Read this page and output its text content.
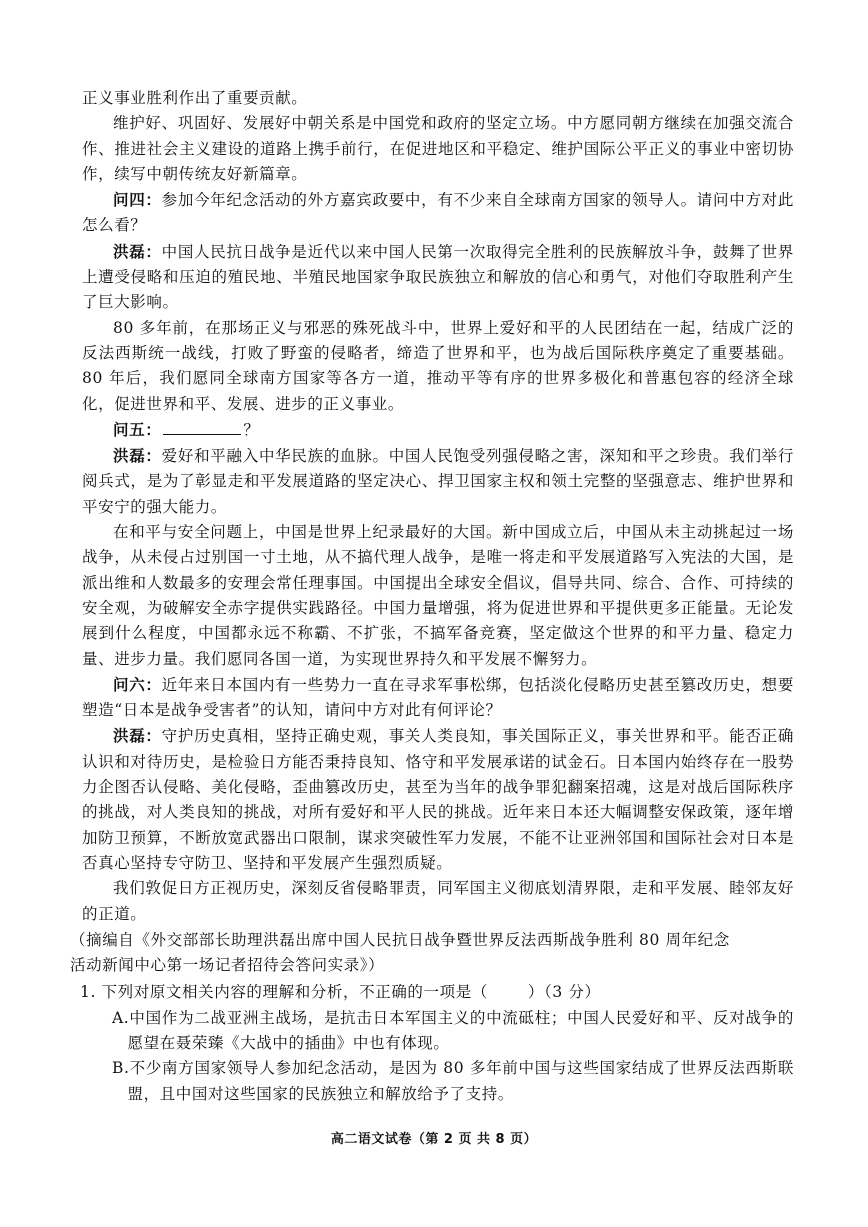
正义事业胜利作出了重要贡献。

维护好、巩固好、发展好中朝关系是中国党和政府的坚定立场。中方愿同朝方继续在加强交流合作、推进社会主义建设的道路上携手前行，在促进地区和平稳定、维护国际公平正义的事业中密切协作，续写中朝传统友好新篇章。

问四：参加今年纪念活动的外方嘉宾政要中，有不少来自全球南方国家的领导人。请问中方对此怎么看？

洪磊：中国人民抗日战争是近代以来中国人民第一次取得完全胜利的民族解放斗争，鼓舞了世界上遭受侵略和压迫的殖民地、半殖民地国家争取民族独立和解放的信心和勇气，对他们夺取胜利产生了巨大影响。

80 多年前，在那场正义与邪恶的殊死战斗中，世界上爱好和平的人民团结在一起，结成广泛的反法西斯统一战线，打败了野蛮的侵略者，缔造了世界和平，也为战后国际秩序奠定了重要基础。80 年后，我们愿同全球南方国家等各方一道，推动平等有序的世界多极化和普惠包容的经济全球化，促进世界和平、发展、进步的正义事业。

问五：	？

洪磊：爱好和平融入中华民族的血脉。中国人民饱受列强侵略之害，深知和平之珍贵。我们举行阅兵式，是为了彰显走和平发展道路的坚定决心、捍卫国家主权和领土完整的坚强意志、维护世界和平安宁的强大能力。

在和平与安全问题上，中国是世界上纪录最好的大国。新中国成立后，中国从未主动挑起过一场战争，从未侵占过别国一寸土地，从不搞代理人战争，是唯一将走和平发展道路写入宪法的大国，是派出维和人数最多的安理会常任理事国。中国提出全球安全倡议，倡导共同、综合、合作、可持续的安全观，为破解安全赤字提供实践路径。中国力量增强，将为促进世界和平提供更多正能量。无论发展到什么程度，中国都永远不称霸、不扩张，不搞军备竞赛，坚定做这个世界的和平力量、稳定力量、进步力量。我们愿同各国一道，为实现世界持久和平发展不懈努力。

问六：近年来日本国内有一些势力一直在寻求军事松绑，包括淡化侵略历史甚至篡改历史，想要塑造“日本是战争受害者”的认知，请问中方对此有何评论？

洪磊：守护历史真相，坚持正确史观，事关人类良知，事关国际正义，事关世界和平。能否正确认识和对待历史，是检验日方能否秉持良知、恪守和平发展承诺的试金石。日本国内始终存在一股势力企图否认侵略、美化侵略，歪曲篡改历史，甚至为当年的战争罪犯翻案招魂，这是对战后国际秩序的挑战，对人类良知的挑战，对所有爱好和平人民的挑战。近年来日本还大幅调整安保政策，逐年增加防卫预算，不断放宽武器出口限制，谋求突破性军力发展，不能不让亚洲邻国和国际社会对日本是否真心坚持专守防卫、坚持和平发展产生强烈质疑。

我们敦促日方正视历史，深刻反省侵略罪责，同军国主义彻底划清界限，走和平发展、睦邻友好的正道。

（摘编自《外交部部长助理洪磊出席中国人民抗日战争暨世界反法西斯战争胜利 80 周年纪念
活动新闻中心第一场记者招待会答问实录》）

1. 下列对原文相关内容的理解和分析，不正确的一项是（	）（3 分）

A.中国作为二战亚洲主战场，是抗击日本军国主义的中流砥柱；中国人民爱好和平、反对战争的愿望在聂荣臻《大战中的插曲》中也有体现。

B.不少南方国家领导人参加纪念活动，是因为 80 多年前中国与这些国家结成了世界反法西斯联盟，且中国对这些国家的民族独立和解放给予了支持。

高二语文试卷（第 2 页 共 8 页）
